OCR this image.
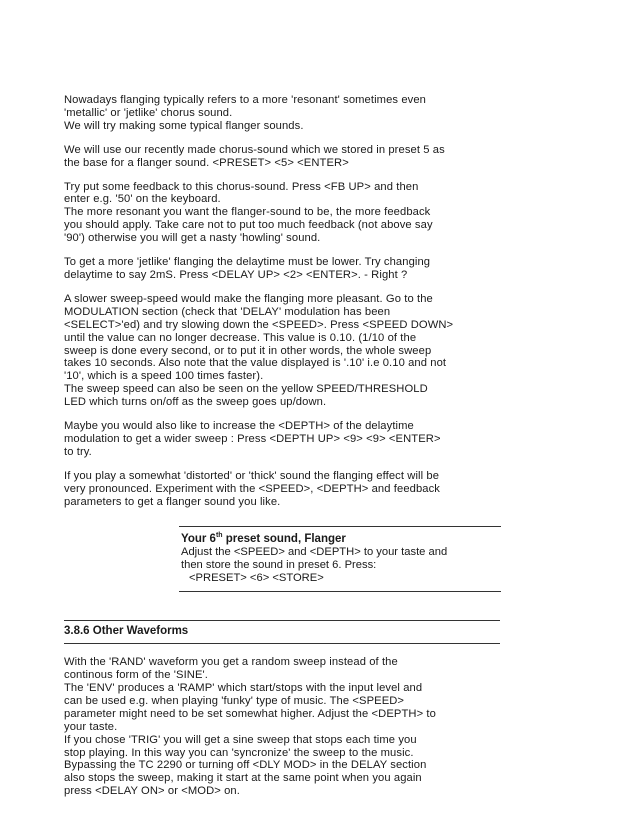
Nowadays flanging typically refers to a more 'resonant' sometimes even
'metallic' or 'jetlike' chorus sound.
We will try making some typical flanger sounds.

We will use our recently made chorus-sound which we stored in preset 5 as
the base for a flanger sound. <PRESET> <5> <ENTER>

Try put some feedback to this chorus-sound. Press <FB UP> and then
enter e.g. '50' on the keyboard.
The more resonant you want the flanger-sound to be, the more feedback
you should apply. Take care not to put too much feedback (not above say
'90') otherwise you will get a nasty 'howling' sound.

To get a more 'jetlike' flanging the delaytime must be lower. Try changing
delaytime to say 2mS. Press <DELAY UP> <2> <ENTER>. - Right ?

A slower sweep-speed would make the flanging more pleasant. Go to the
MODULATION section (check that 'DELAY' modulation has been
<SELECT>'ed) and try slowing down the <SPEED>. Press <SPEED DOWN>
until the value can no longer decrease. This value is 0.10. (1/10 of the
sweep is done every second, or to put it in other words, the whole sweep
takes 10 seconds. Also note that the value displayed is '.10' i.e 0.10 and not
'10', which is a speed 100 times faster).
The sweep speed can also be seen on the yellow SPEED/THRESHOLD
LED which turns on/off as the sweep goes up/down.

Maybe you would also like to increase the <DEPTH> of the delaytime
modulation to get a wider sweep : Press <DEPTH UP> <9> <9> <ENTER>
to try.

If you play a somewhat 'distorted' or 'thick' sound the flanging effect will be
very pronounced. Experiment with the <SPEED>, <DEPTH> and feedback
parameters to get a flanger sound you like.

Your 6th preset sound, Flanger
Adjust the <SPEED> and <DEPTH> to your taste and
then store the sound in preset 6. Press:
<PRESET> <6> <STORE>
3.8.6 Other Waveforms

With the 'RAND' waveform you get a random sweep instead of the
continous form of the 'SINE'.
The 'ENV' produces a 'RAMP' which start/stops with the input level and
can be used e.g. when playing 'funky' type of music. The <SPEED>
parameter might need to be set somewhat higher. Adjust the <DEPTH> to
your taste.
If you chose 'TRIG' you will get a sine sweep that stops each time you
stop playing. In this way you can 'syncronize' the sweep to the music.
Bypassing the TC 2290 or turning off <DLY MOD> in the DELAY section
also stops the sweep, making it start at the same point when you again
press <DELAY ON> or <MOD> on.
